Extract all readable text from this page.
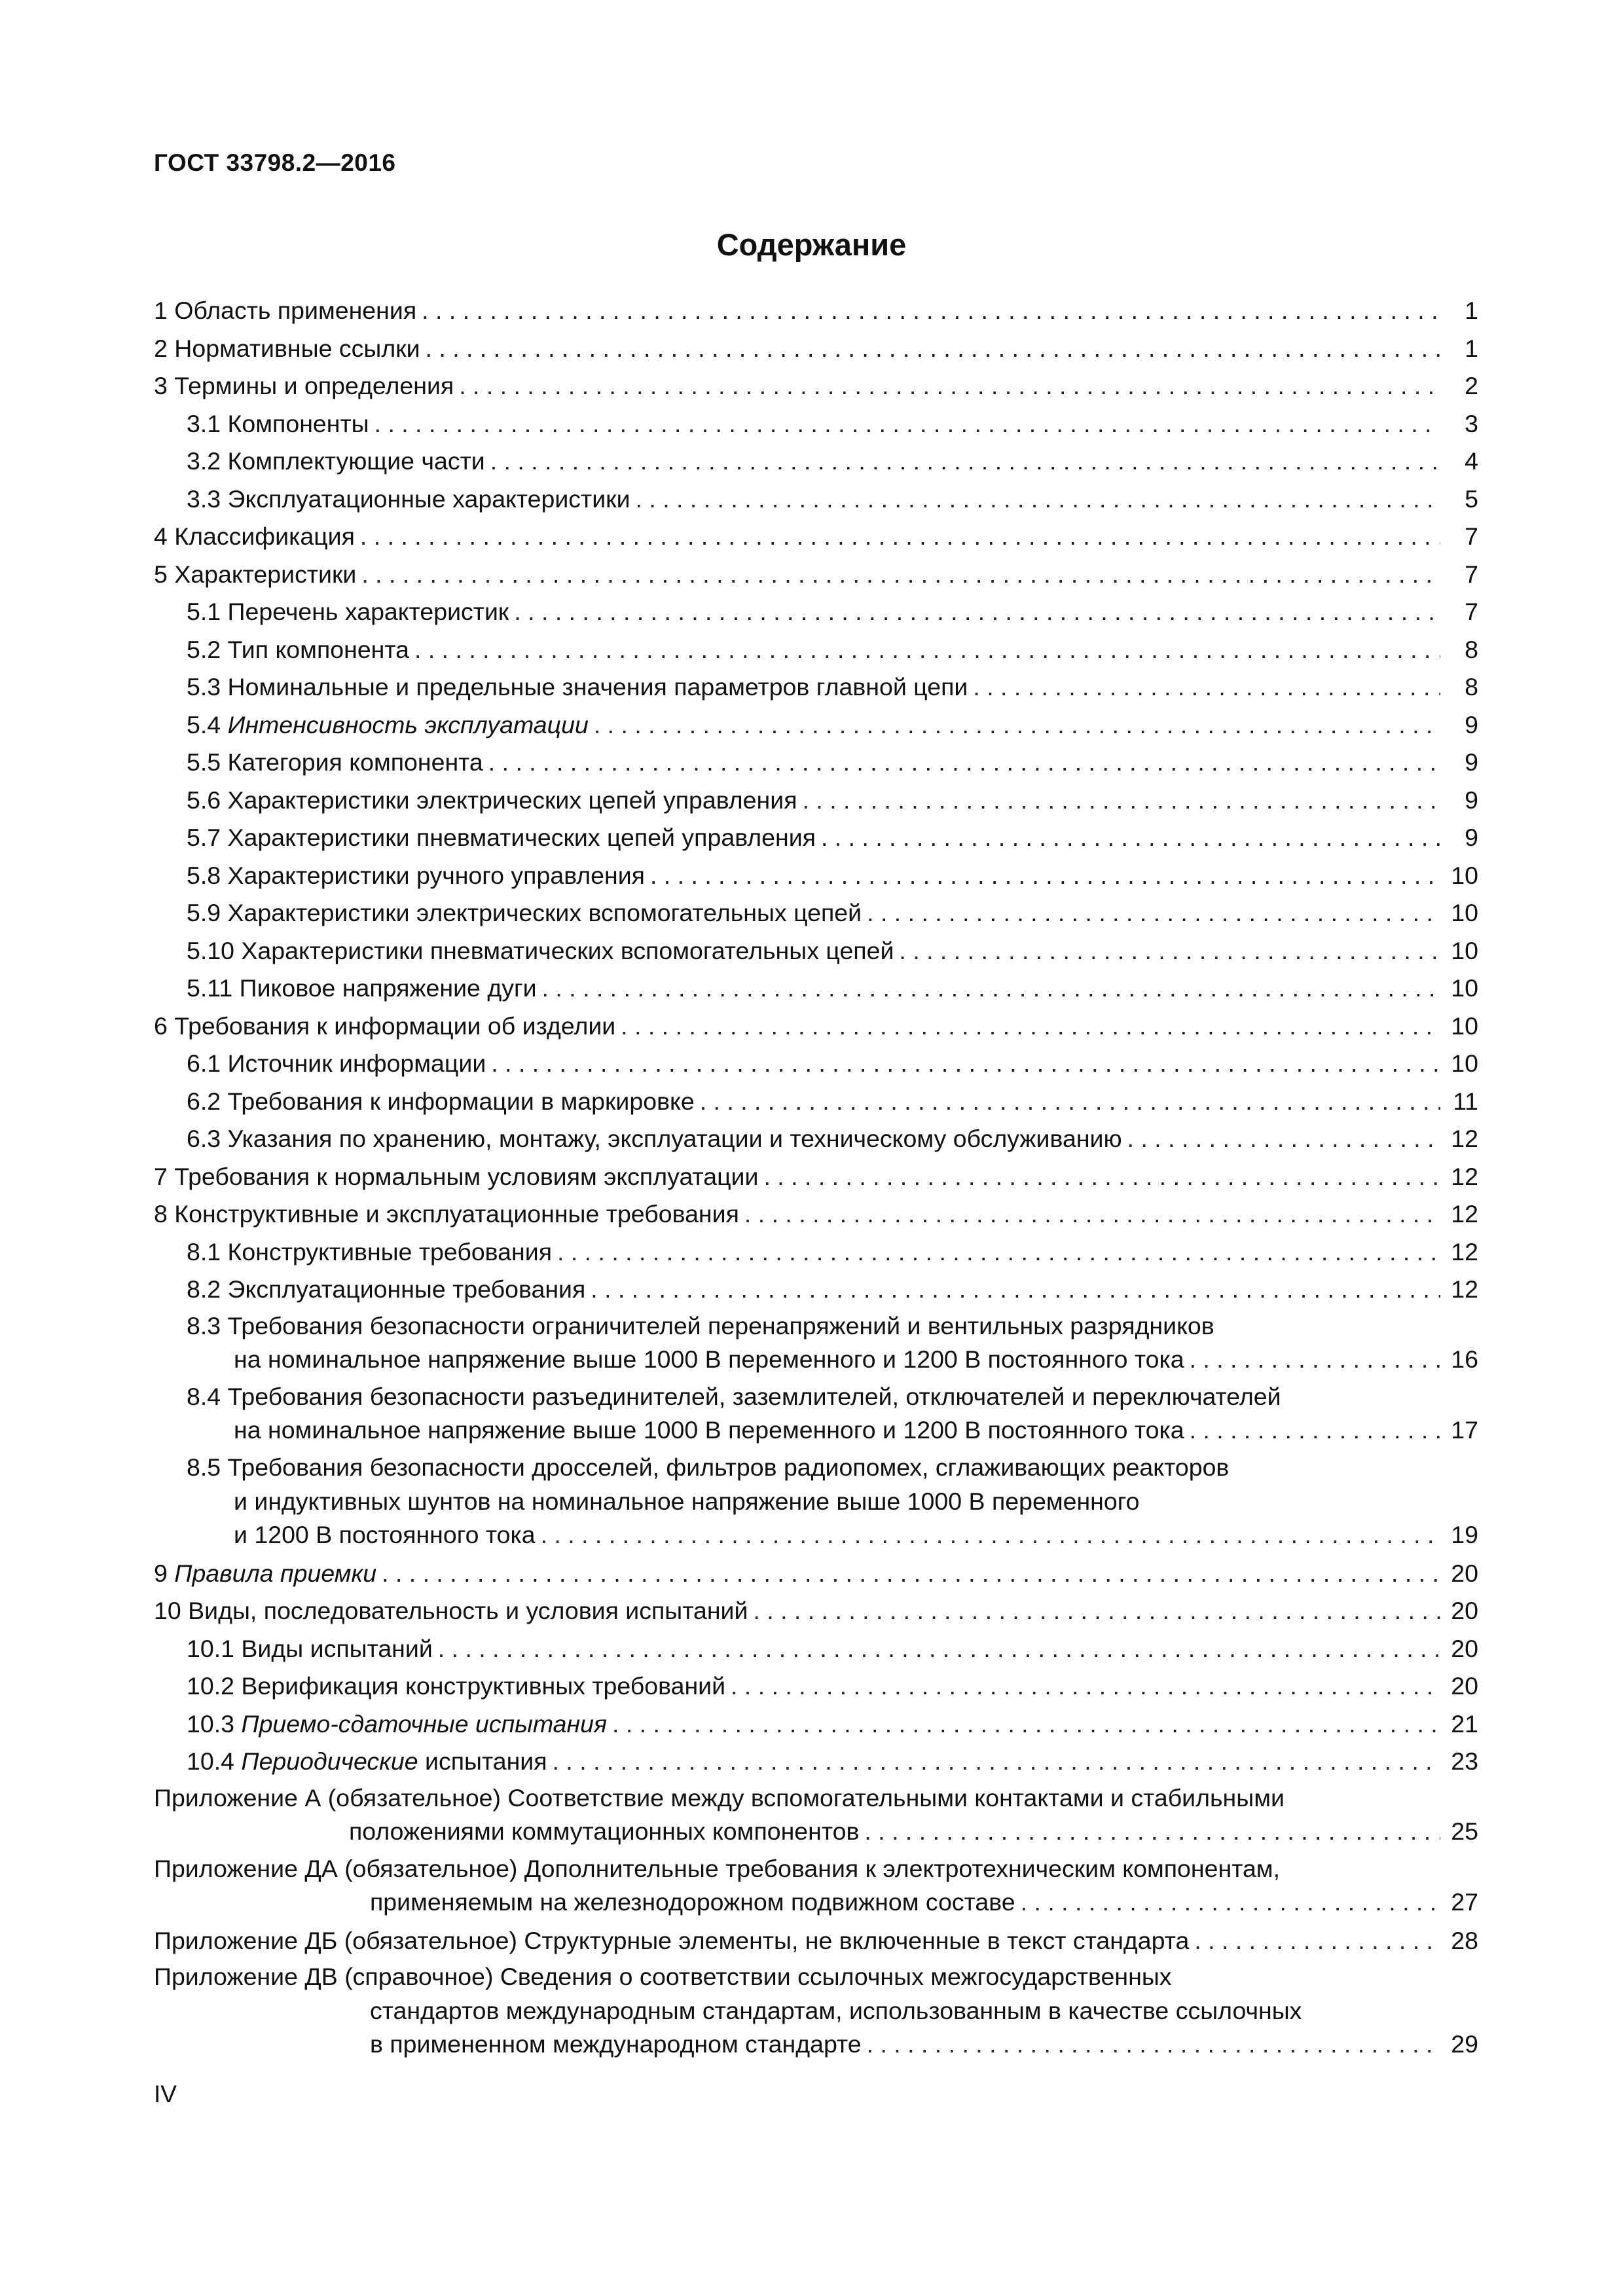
ГОСТ 33798.2—2016
Содержание
1 Область применения . . .	1
2 Нормативные ссылки . . .	1
3 Термины и определения . . .	2
3.1 Компоненты . . .	3
3.2 Комплектующие части . . .	4
3.3 Эксплуатационные характеристики . . .	5
4 Классификация . . .	7
5 Характеристики . . .	7
5.1 Перечень характеристик . . .	7
5.2 Тип компонента . . .	8
5.3 Номинальные и предельные значения параметров главной цепи . . .	8
5.4 Интенсивность эксплуатации . . .	9
5.5 Категория компонента . . .	9
5.6 Характеристики электрических цепей управления . . .	9
5.7 Характеристики пневматических цепей управления . . .	9
5.8 Характеристики ручного управления . . .	10
5.9 Характеристики электрических вспомогательных цепей . . .	10
5.10 Характеристики пневматических вспомогательных цепей . . .	10
5.11 Пиковое напряжение дуги . . .	10
6 Требования к информации об изделии . . .	10
6.1 Источник информации . . .	10
6.2 Требования к информации в маркировке . . .	11
6.3 Указания по хранению, монтажу, эксплуатации и техническому обслуживанию . . .	12
7 Требования к нормальным условиям эксплуатации . . .	12
8 Конструктивные и эксплуатационные требования . . .	12
8.1 Конструктивные требования . . .	12
8.2 Эксплуатационные требования . . .	12
8.3 Требования безопасности ограничителей перенапряжений и вентильных разрядников
на номинальное напряжение выше 1000 В переменного и 1200 В постоянного тока . . .	16
8.4 Требования безопасности разъединителей, заземлителей, отключателей и переключателей
на номинальное напряжение выше 1000 В переменного и 1200 В постоянного тока . . .	17
8.5 Требования безопасности дросселей, фильтров радиопомех, сглаживающих реакторов
и индуктивных шунтов на номинальное напряжение выше 1000 В переменного
и 1200 В постоянного тока . . .	19
9 Правила приемки . . .	20
10 Виды, последовательность и условия испытаний . . .	20
10.1 Виды испытаний . . .	20
10.2 Верификация конструктивных требований . . .	20
10.3 Приемо-сдаточные испытания . . .	21
10.4 Периодические испытания . . .	23
Приложение А (обязательное) Соответствие между вспомогательными контактами и стабильными
положениями коммутационных компонентов . . .	25
Приложение ДА (обязательное) Дополнительные требования к электротехническим компонентам,
применяемым на железнодорожном подвижном составе . . .	27
Приложение ДБ (обязательное) Структурные элементы, не включенные в текст стандарта . . .	28
Приложение ДВ (справочное) Сведения о соответствии ссылочных межгосударственных
стандартов международным стандартам, использованным в качестве ссылочных
в примененном международном стандарте . . .	29
IV
